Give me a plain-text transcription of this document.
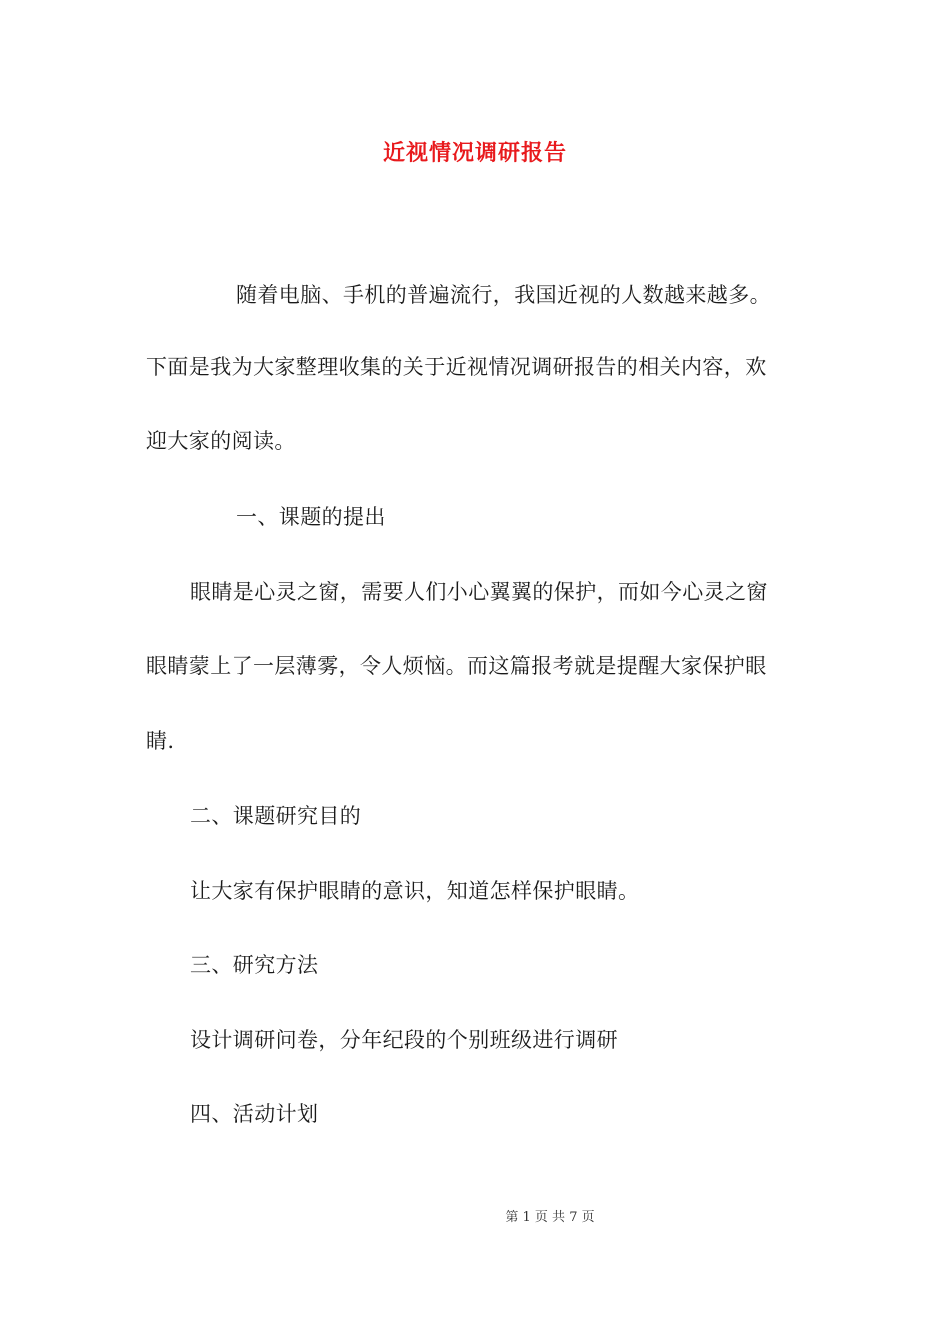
近视情况调研报告
随着电脑、手机的普遍流行，我国近视的人数越来越多。
下面是我为大家整理收集的关于近视情况调研报告的相关内容，欢
迎大家的阅读。
一、课题的提出
眼睛是心灵之窗，需要人们小心翼翼的保护，而如今心灵之窗
眼睛蒙上了一层薄雾，令人烦恼。而这篇报考就是提醒大家保护眼
睛.
二、课题研究目的
让大家有保护眼睛的意识，知道怎样保护眼睛。
三、研究方法
设计调研问卷，分年纪段的个别班级进行调研
四、活动计划
第 1 页 共 7 页
